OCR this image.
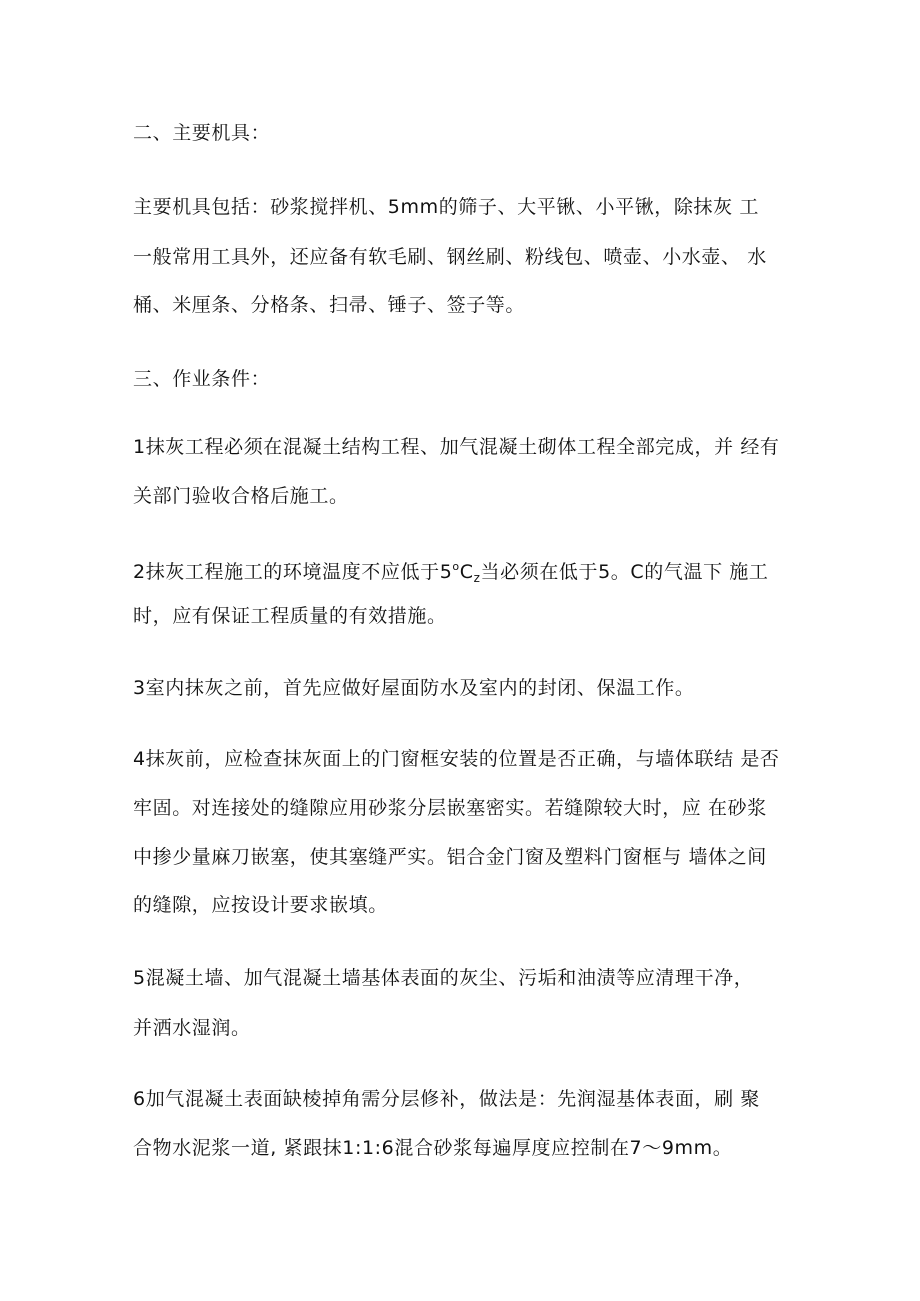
二、主要机具：
主要机具包括：砂浆搅拌机、5mm的筛子、大平锹、小平锹，除抹灰 工
一般常用工具外，还应备有软毛刷、钢丝刷、粉线包、喷壶、小水壶、 水
桶、米厘条、分格条、扫帚、锤子、签子等。
三、作业条件：
1抹灰工程必须在混凝土结构工程、加气混凝土砌体工程全部完成，并 经有
关部门验收合格后施工。
2抹灰工程施工的环境温度不应低于$5^oC_z$当必须在低于5。C的气温下 施工
时，应有保证工程质量的有效措施。
3室内抹灰之前，首先应做好屋面防水及室内的封闭、保温工作。
4抹灰前，应检查抹灰面上的门窗框安装的位置是否正确，与墙体联结 是否
牢固。对连接处的缝隙应用砂浆分层嵌塞密实。若缝隙较大时，应 在砂浆
中掺少量麻刀嵌塞，使其塞缝严实。铝合金门窗及塑料门窗框与 墙体之间
的缝隙，应按设计要求嵌填。
5混凝土墙、加气混凝土墙基体表面的灰尘、污垢和油渍等应清理干净，
并洒水湿润。
6加气混凝土表面缺棱掉角需分层修补，做法是：先润湿基体表面，刷 聚
合物水泥浆一道, 紧跟抹1:1:6混合砂浆每遍厚度应控制在7～9mm。
